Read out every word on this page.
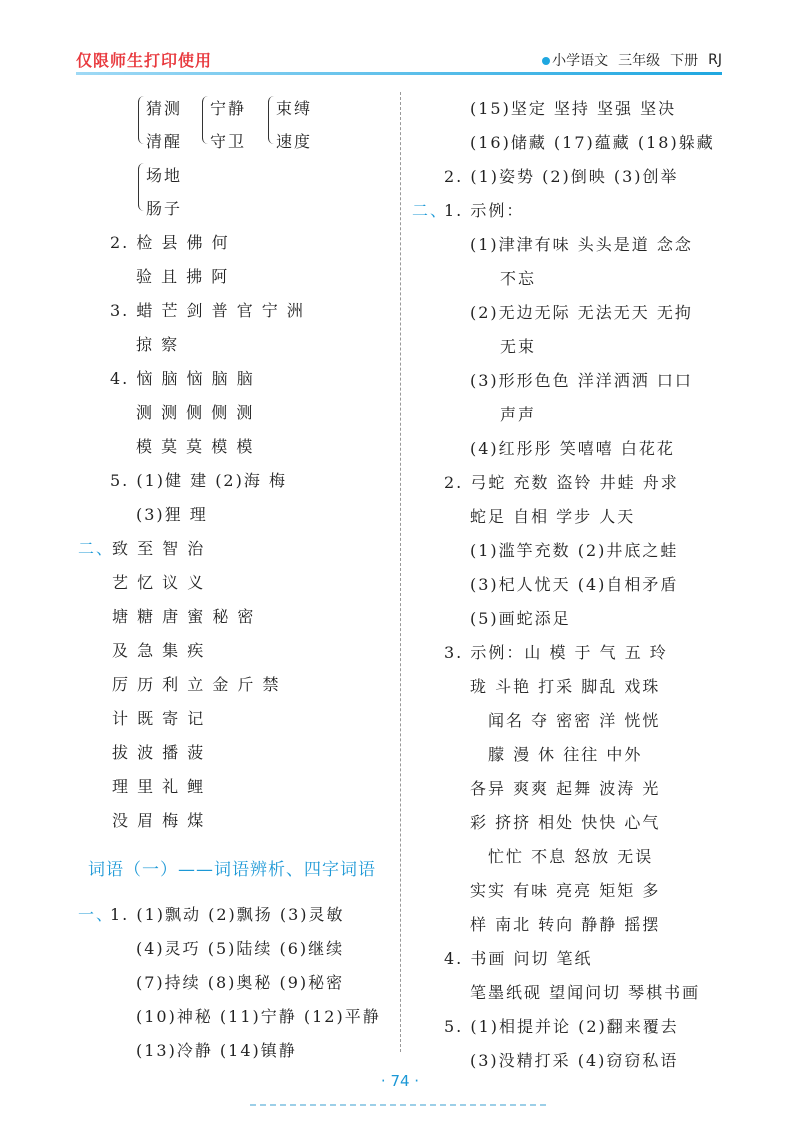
仅限师生打印使用	小学语文 三年级 下册 RJ
猜测
清醒
宁静
守卫
束缚
速度
场地
肠子
2. 检 县 佛 何
验 且 拂 阿
3. 蜡 芒 剑 普 官 宁 洲
掠 察
4. 恼 脑 恼 脑 脑
测 测 侧 侧 测
模 莫 莫 模 模
5. (1)健 建 (2)海 梅
(3)狸 理
二、
致 至 智 治
艺 忆 议 义
塘 糖 唐 蜜 秘 密
及 急 集 疾
厉 历 利 立 金 斤 禁
计 既 寄 记
拔 波 播 菠
理 里 礼 鲤
没 眉 梅 煤
一、
1. (1)飘动 (2)飘扬 (3)灵敏
(4)灵巧 (5)陆续 (6)继续
(7)持续 (8)奥秘 (9)秘密
(10)神秘 (11)宁静 (12)平静
(13)冷静 (14)镇静
词语（一）——词语辨析、四字词语
(15)坚定 坚持 坚强 坚决
(16)储藏 (17)蕴藏 (18)躲藏
2. (1)姿势 (2)倒映 (3)创举
二、
1. 示例：
(1)津津有味 头头是道 念念
不忘
(2)无边无际 无法无天 无拘
无束
(3)形形色色 洋洋洒洒 口口
声声
(4)红彤彤 笑嘻嘻 白花花
2. 弓蛇 充数 盗铃 井蛙 舟求
蛇足 自相 学步 人天
(1)滥竽充数 (2)井底之蛙
(3)杞人忧天 (4)自相矛盾
(5)画蛇添足
3. 示例：山 模 于 气 五 玲
珑 斗艳 打采 脚乱 戏珠
闻名 夺 密密 洋 恍恍
朦 漫 休 往往 中外
各异 爽爽 起舞 波涛 光
彩 挤挤 相处 快快 心气
忙忙 不息 怒放 无误
实实 有味 亮亮 矩矩 多
样 南北 转向 静静 摇摆
4. 书画 问切 笔纸
笔墨纸砚 望闻问切 琴棋书画
5. (1)相提并论 (2)翻来覆去
(3)没精打采 (4)窃窃私语
· 74 ·
